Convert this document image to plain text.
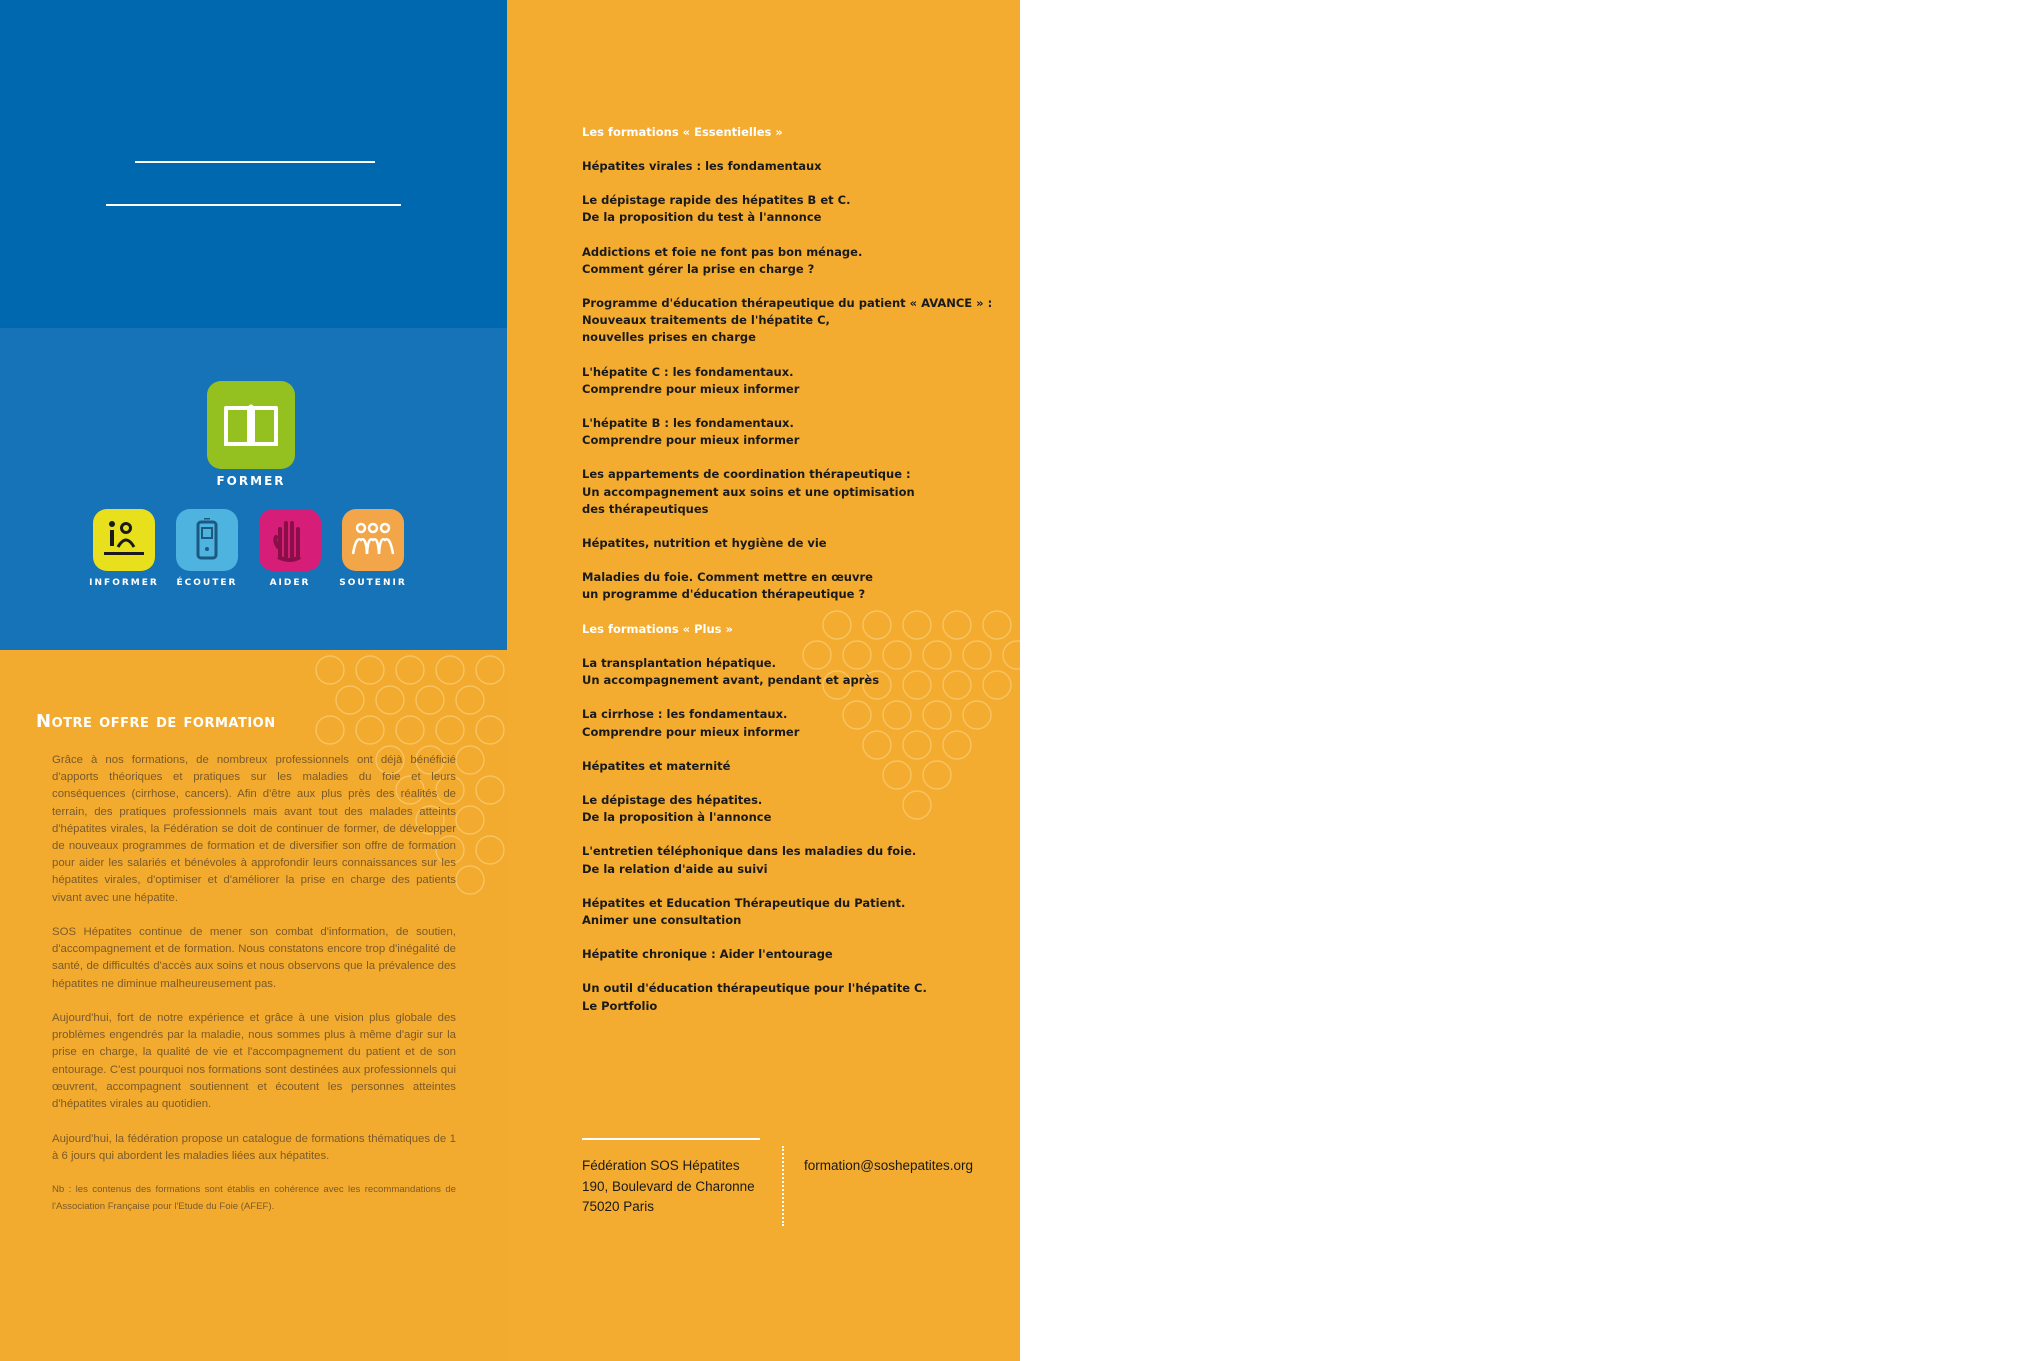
FORMER
INFORMER	ÉCOUTER	AIDER	SOUTENIR
Notre offre de formation

Grâce à nos formations, de nombreux professionnels ont déjà bénéficié d'apports théoriques et pratiques sur les maladies du foie et leurs conséquences (cirrhose, cancers). Afin d'être aux plus près des réalités de terrain, des pratiques professionnels mais avant tout des malades atteints d'hépatites virales, la Fédération se doit de continuer de former, de développer de nouveaux programmes de formation et de diversifier son offre de formation pour aider les salariés et bénévoles à approfondir leurs connaissances sur les hépatites virales, d'optimiser et d'améliorer la prise en charge des patients vivant avec une hépatite.

SOS Hépatites continue de mener son combat d'information, de soutien, d'accompagnement et de formation. Nous constatons encore trop d'inégalité de santé, de difficultés d'accès aux soins et nous observons que la prévalence des hépatites ne diminue malheureusement pas.

Aujourd'hui, fort de notre expérience et grâce à une vision plus globale des problèmes engendrés par la maladie, nous sommes plus à même d'agir sur la prise en charge, la qualité de vie et l'accompagnement du patient et de son entourage. C'est pourquoi nos formations sont destinées aux professionnels qui œuvrent, accompagnent soutiennent et écoutent les personnes atteintes d'hépatites virales au quotidien.

Aujourd'hui, la fédération propose un catalogue de formations thématiques de 1 à 6 jours qui abordent les maladies liées aux hépatites.

Nb : les contenus des formations sont établis en cohérence avec les recommandations de l'Association Française pour l'Etude du Foie (AFEF).

Les formations « Essentielles »
Hépatites virales : les fondamentaux
Le dépistage rapide des hépatites B et C.
De la proposition du test à l'annonce
Addictions et foie ne font pas bon ménage.
Comment gérer la prise en charge ?
Programme d'éducation thérapeutique du patient « AVANCE » :
Nouveaux traitements de l'hépatite C,
nouvelles prises en charge
L'hépatite C : les fondamentaux.
Comprendre pour mieux informer
L'hépatite B : les fondamentaux.
Comprendre pour mieux informer
Les appartements de coordination thérapeutique :
Un accompagnement aux soins et une optimisation
des thérapeutiques
Hépatites, nutrition et hygiène de vie
Maladies du foie. Comment mettre en œuvre
un programme d'éducation thérapeutique ?
Les formations « Plus »
La transplantation hépatique.
Un accompagnement avant, pendant et après
La cirrhose : les fondamentaux.
Comprendre pour mieux informer
Hépatites et maternité
Le dépistage des hépatites.
De la proposition à l'annonce
L'entretien téléphonique dans les maladies du foie.
De la relation d'aide au suivi
Hépatites et Education Thérapeutique du Patient.
Animer une consultation
Hépatite chronique : Aider l'entourage
Un outil d'éducation thérapeutique pour l'hépatite C.
Le Portfolio
Fédération SOS Hépatites
190, Boulevard de Charonne
75020 Paris
formation@soshepatites.org
